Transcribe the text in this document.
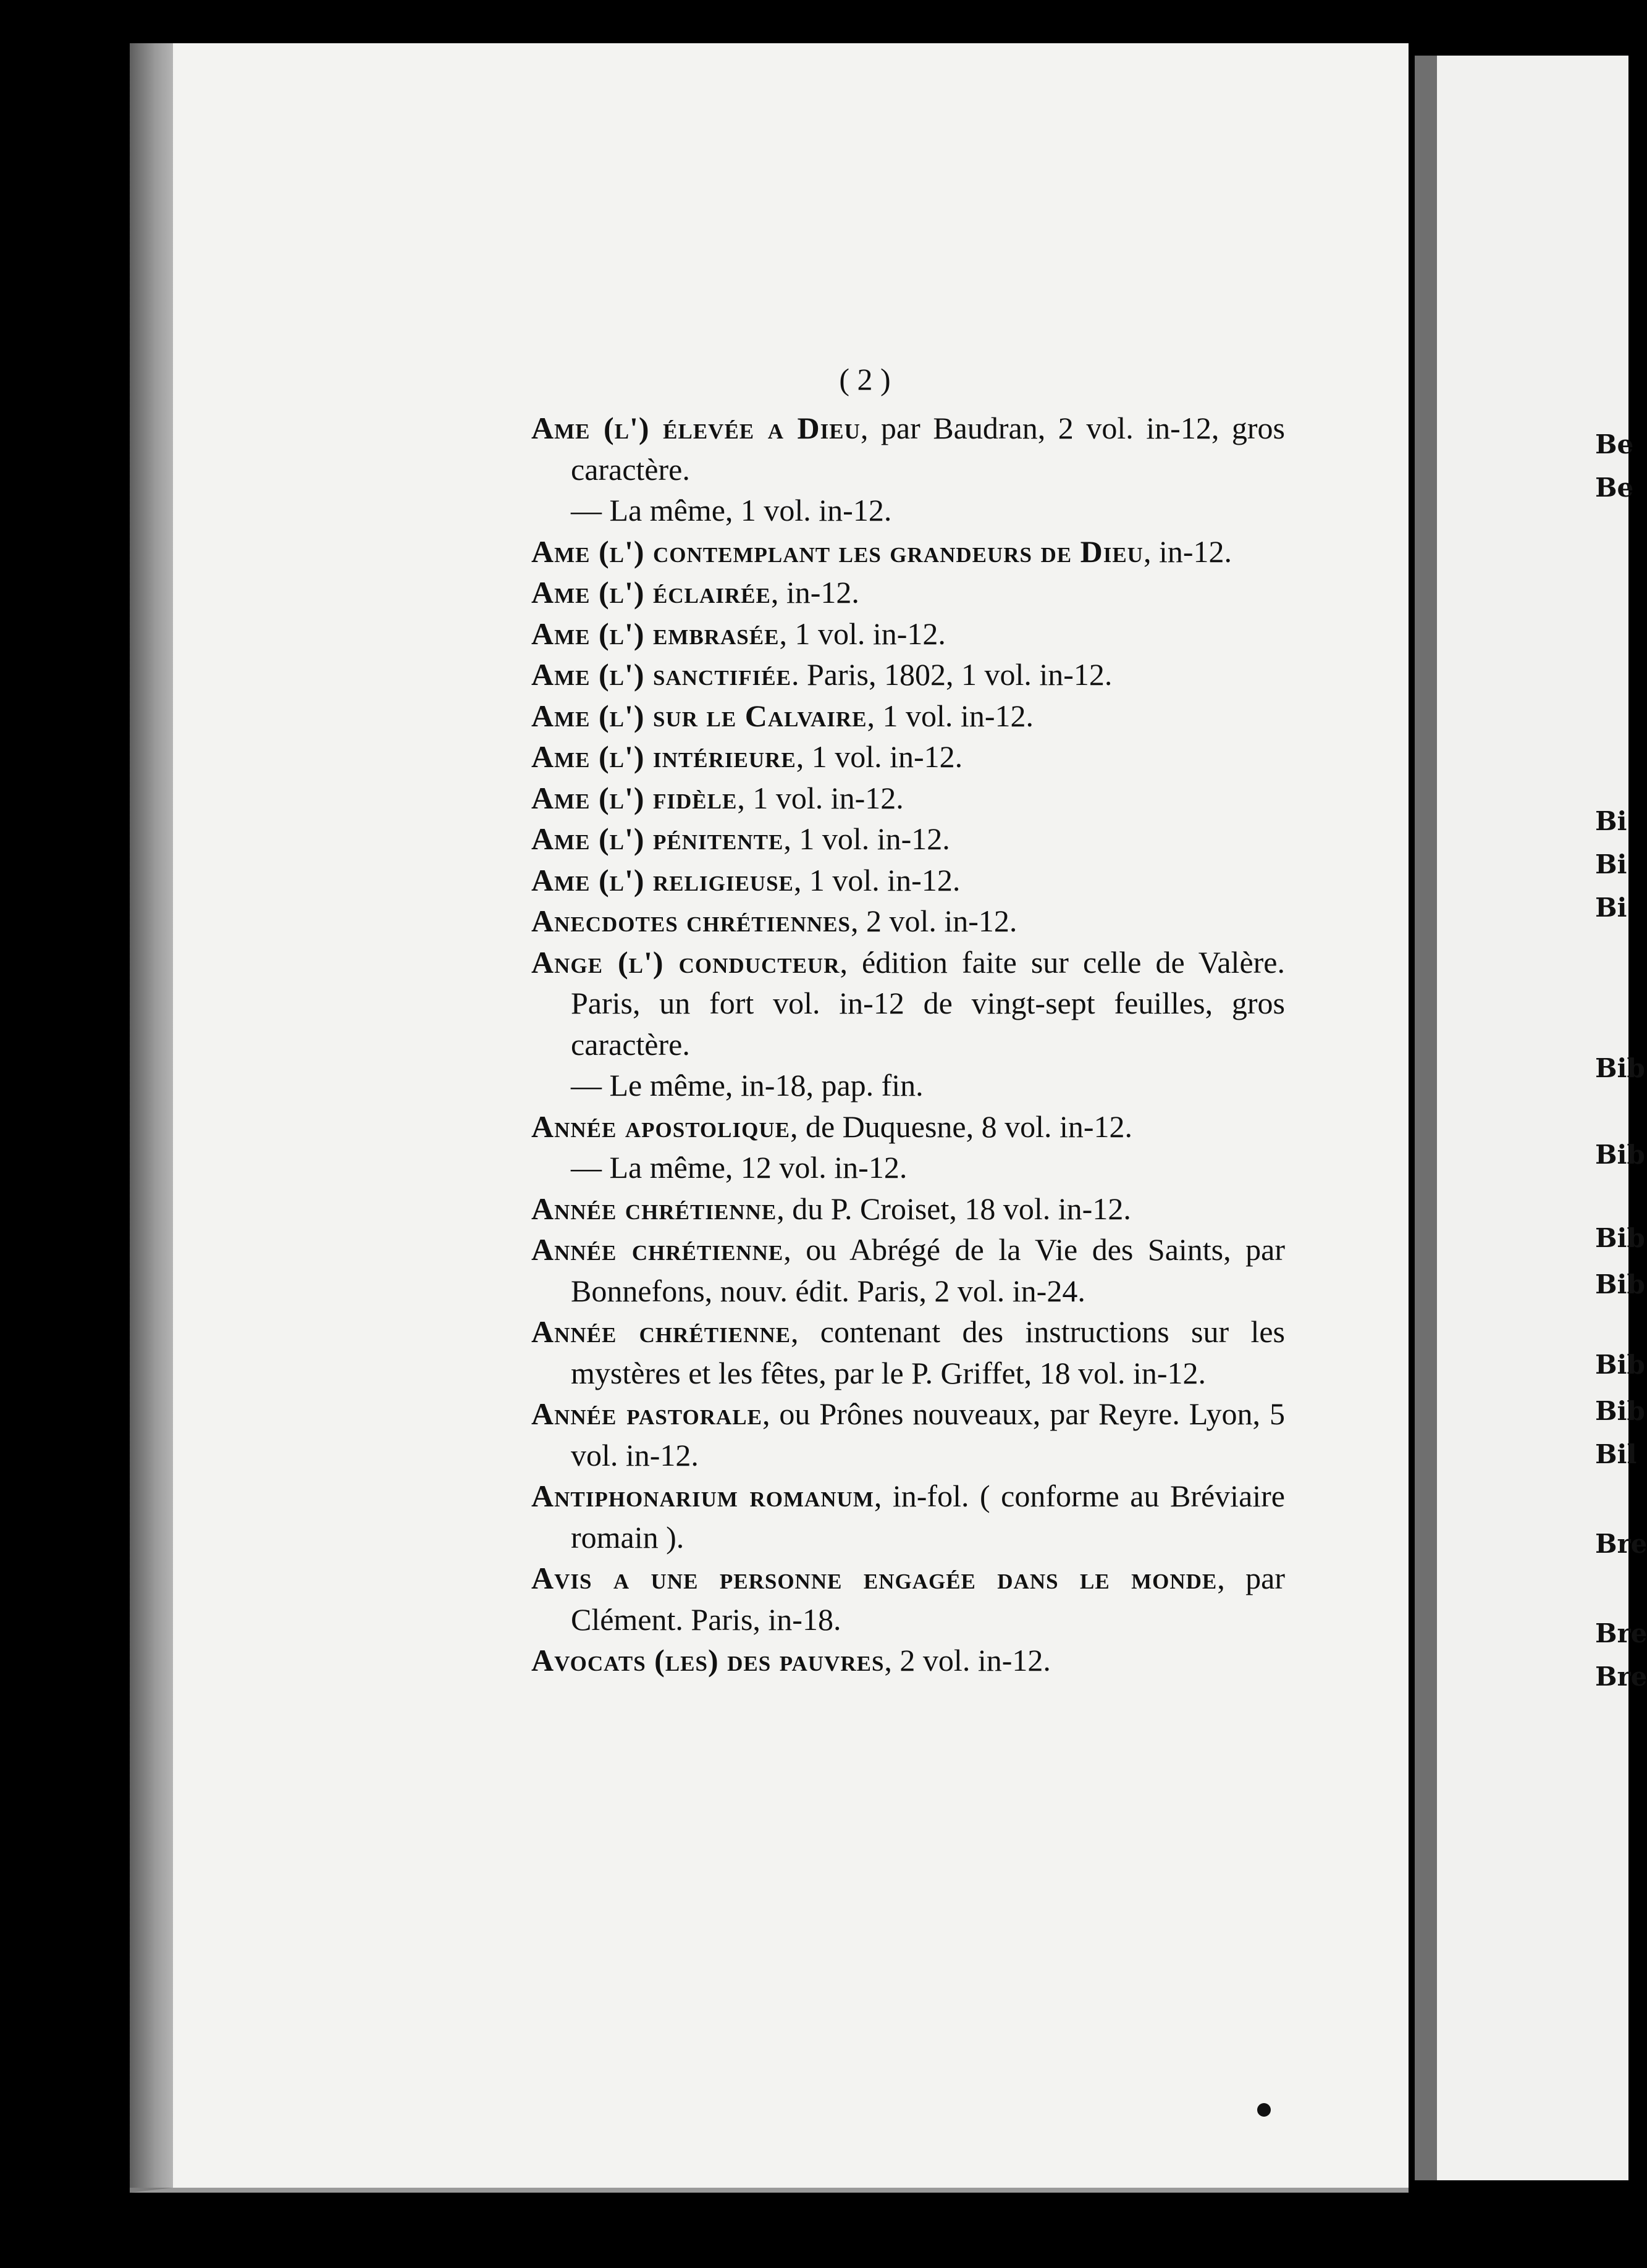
( 2 )
Ame (l') élevée a Dieu, par Baudran, 2 vol. in-12, gros caractère.
— La même, 1 vol. in-12.
Ame (l') contemplant les grandeurs de Dieu, in-12.
Ame (l') éclairée, in-12.
Ame (l') embrasée, 1 vol. in-12.
Ame (l') sanctifiée. Paris, 1802, 1 vol. in-12.
Ame (l') sur le Calvaire, 1 vol. in-12.
Ame (l') intérieure, 1 vol. in-12.
Ame (l') fidèle, 1 vol. in-12.
Ame (l') pénitente, 1 vol. in-12.
Ame (l') religieuse, 1 vol. in-12.
Anecdotes chrétiennes, 2 vol. in-12.
Ange (l') conducteur, édition faite sur celle de Valère. Paris, un fort vol. in-12 de vingt-sept feuilles, gros caractère.
— Le même, in-18, pap. fin.
Année apostolique, de Duquesne, 8 vol. in-12.
— La même, 12 vol. in-12.
Année chrétienne, du P. Croiset, 18 vol. in-12.
Année chrétienne, ou Abrégé de la Vie des Saints, par Bonnefons, nouv. édit. Paris, 2 vol. in-24.
Année chrétienne, contenant des instructions sur les mystères et les fêtes, par le P. Griffet, 18 vol. in-12.
Année pastorale, ou Prônes nouveaux, par Reyre. Lyon, 5 vol. in-12.
Antiphonarium romanum, in-fol. ( conforme au Bréviaire romain ).
Avis a une personne engagée dans le monde, par Clément. Paris, in-18.
Avocats (les) des pauvres, 2 vol. in-12.
Be
Be
Bi
Bi
Bi
Bib
Bib
Bib
Bib
Bib
Bib
Bil
Bre
Bre
Bre
